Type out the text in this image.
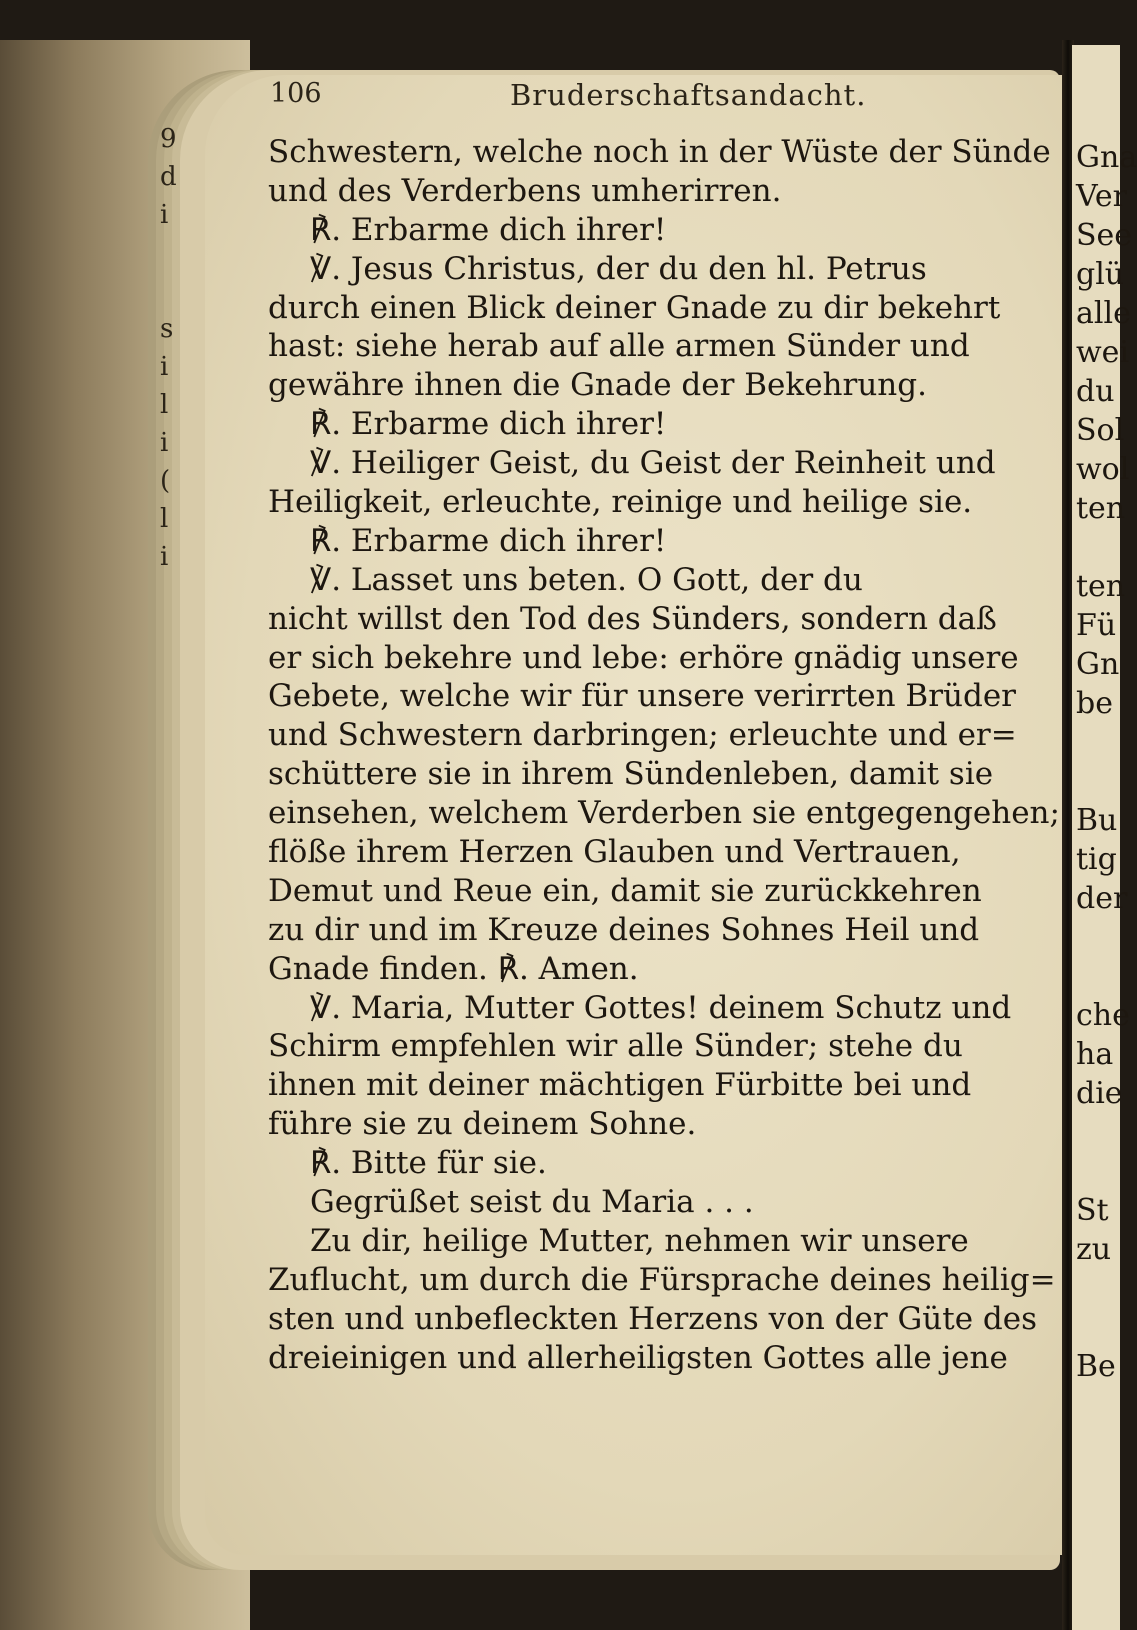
9
d
i
s
i
l
i
(
l
i
106	Bruderschaftsandacht.
Schwestern, welche noch in der Wüste der Sünde
und des Verderbens umherirren.
℟. Erbarme dich ihrer!
℣. Jesus Christus, der du den hl. Petrus
durch einen Blick deiner Gnade zu dir bekehrt
hast: siehe herab auf alle armen Sünder und
gewähre ihnen die Gnade der Bekehrung.
℟. Erbarme dich ihrer!
℣. Heiliger Geist, du Geist der Reinheit und
Heiligkeit, erleuchte, reinige und heilige sie.
℟. Erbarme dich ihrer!
℣. Lasset uns beten. O Gott, der du
nicht willst den Tod des Sünders, sondern daß
er sich bekehre und lebe: erhöre gnädig unsere
Gebete, welche wir für unsere verirrten Brüder
und Schwestern darbringen; erleuchte und er=
schüttere sie in ihrem Sündenleben, damit sie
einsehen, welchem Verderben sie entgegengehen;
flöße ihrem Herzen Glauben und Vertrauen,
Demut und Reue ein, damit sie zurückkehren
zu dir und im Kreuze deines Sohnes Heil und
Gnade finden. ℟. Amen.
℣. Maria, Mutter Gottes! deinem Schutz und
Schirm empfehlen wir alle Sünder; stehe du
ihnen mit deiner mächtigen Fürbitte bei und
führe sie zu deinem Sohne.
℟. Bitte für sie.
Gegrüßet seist du Maria . . .
Zu dir, heilige Mutter, nehmen wir unsere
Zuflucht, um durch die Fürsprache deines heilig=
sten und unbefleckten Herzens von der Güte des
dreieinigen und allerheiligsten Gottes alle jene
Gna
Ver
See
glü
alle
wei
du
Sol
wol
ten
ten
Fü
Gn
be
Bu
tig
der
che
ha
die
St
zu
Be
